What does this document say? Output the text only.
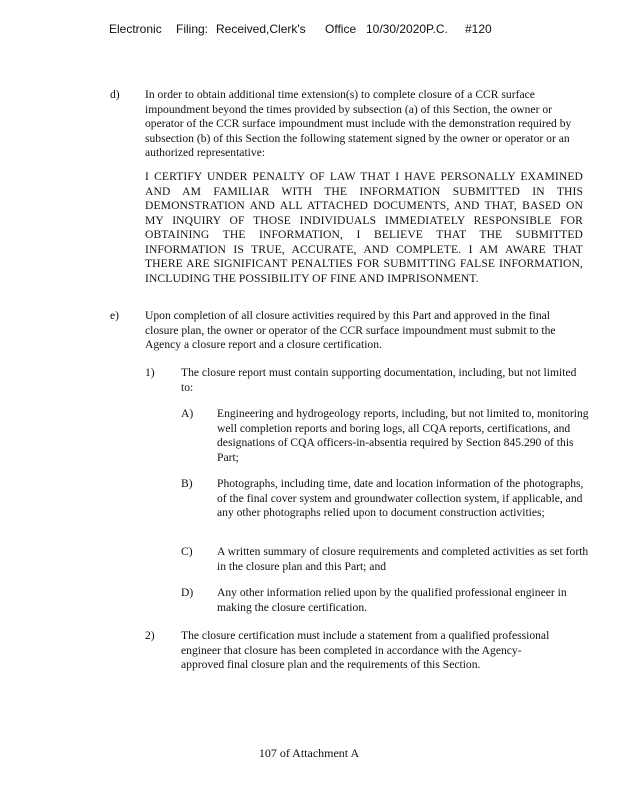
Electronic Filing: Received,Clerk's Office 10/30/2020P.C. #120
d) In order to obtain additional time extension(s) to complete closure of a CCR surface impoundment beyond the times provided by subsection (a) of this Section, the owner or operator of the CCR surface impoundment must include with the demonstration required by subsection (b) of this Section the following statement signed by the owner or operator or an authorized representative:
I CERTIFY UNDER PENALTY OF LAW THAT I HAVE PERSONALLY EXAMINED AND AM FAMILIAR WITH THE INFORMATION SUBMITTED IN THIS DEMONSTRATION AND ALL ATTACHED DOCUMENTS, AND THAT, BASED ON MY INQUIRY OF THOSE INDIVIDUALS IMMEDIATELY RESPONSIBLE FOR OBTAINING THE INFORMATION, I BELIEVE THAT THE SUBMITTED INFORMATION IS TRUE, ACCURATE, AND COMPLETE. I AM AWARE THAT THERE ARE SIGNIFICANT PENALTIES FOR SUBMITTING FALSE INFORMATION, INCLUDING THE POSSIBILITY OF FINE AND IMPRISONMENT.
e) Upon completion of all closure activities required by this Part and approved in the final closure plan, the owner or operator of the CCR surface impoundment must submit to the Agency a closure report and a closure certification.
1) The closure report must contain supporting documentation, including, but not limited to:
A) Engineering and hydrogeology reports, including, but not limited to, monitoring well completion reports and boring logs, all CQA reports, certifications, and designations of CQA officers-in-absentia required by Section 845.290 of this Part;
B) Photographs, including time, date and location information of the photographs, of the final cover system and groundwater collection system, if applicable, and any other photographs relied upon to document construction activities;
C) A written summary of closure requirements and completed activities as set forth in the closure plan and this Part; and
D) Any other information relied upon by the qualified professional engineer in making the closure certification.
2) The closure certification must include a statement from a qualified professional engineer that closure has been completed in accordance with the Agency-approved final closure plan and the requirements of this Section.
107 of Attachment A
